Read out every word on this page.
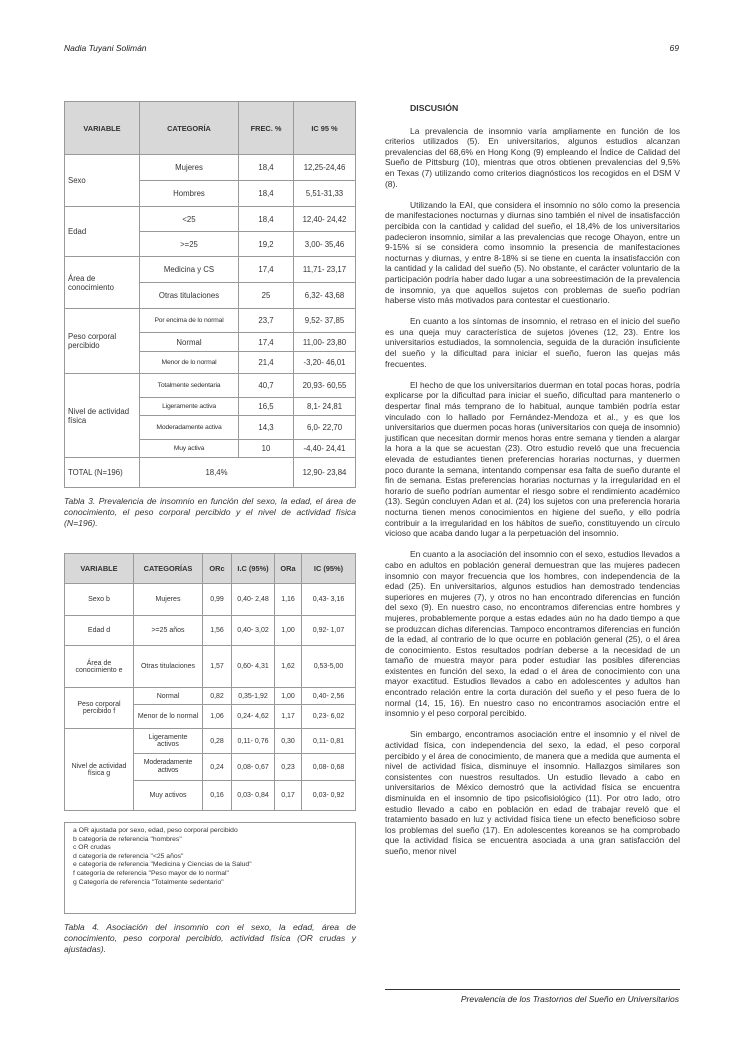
Nadia Tuyani Solimán	69
VARIABLE	CATEGORÍA	FREC. %	IC 95 %
Sexo	Mujeres	18,4	12,25-24,46
	Hombres	18,4	5,51-31,33
Edad	<25	18,4	12,40- 24,42
	>=25	19,2	3,00- 35,46
Área de conocimiento	Medicina y CS	17,4	11,71- 23,17
	Otras titulaciones	25	6,32- 43,68
Peso corporal percibido	Por encima de lo normal	23,7	9,52- 37,85
	Normal	17,4	11,00- 23,80
	Menor de lo normal	21,4	-3,20- 46,01
Nivel de actividad física	Totalmente sedentaria	40,7	20,93- 60,55
	Ligeramente activa	16,5	8,1- 24,81
	Moderadamente activa	14,3	6,0- 22,70
	Muy activa	10	-4,40- 24,41
TOTAL (N=196)	18,4%		12,90- 23,84
Tabla 3. Prevalencia de insomnio en función del sexo, la edad, el área de conocimiento, el peso corporal percibido y el nivel de actividad física (N=196).
VARIABLE	CATEGORÍAS	ORc	I.C (95%)	ORa	IC (95%)
Sexo b	Mujeres	0,99	0,40- 2,48	1,16	0,43- 3,16
Edad d	>=25 años	1,56	0,40- 3,02	1,00	0,92- 1,07
Área de conocimiento e	Otras titulaciones	1,57	0,60- 4,31	1,62	0,53-5,00
Peso corporal percibido f	Normal	0,82	0,35-1,92	1,00	0,40- 2,56
	Menor de lo normal	1,06	0,24- 4,62	1,17	0,23- 6,02
Nivel de actividad física g	Ligeramente activos	0,28	0,11- 0,76	0,30	0,11- 0,81
	Moderadamente activos	0,24	0,08- 0,67	0,23	0,08- 0,68
	Muy activos	0,16	0,03- 0,84	0,17	0,03- 0,92
a OR ajustada por sexo, edad, peso corporal percibido
b categoría de referencia "hombres"
c OR crudas
d categoría de referencia "<25 años"
e categoría de referencia "Medicina y Ciencias de la Salud"
f categoría de referencia "Peso mayor de lo normal"
g Categoría de referencia "Totalmente sedentario"
Tabla 4. Asociación del insomnio con el sexo, la edad, área de conocimiento, peso corporal percibido, actividad física (OR crudas y ajustadas).
DISCUSIÓN

La prevalencia de insomnio varía ampliamente en función de los criterios utilizados (5). En universitarios, algunos estudios alcanzan prevalencias del 68,6% en Hong Kong (9) empleando el Índice de Calidad del Sueño de Pittsburg (10), mientras que otros obtienen prevalencias del 9,5% en Texas (7) utilizando como criterios diagnósticos los recogidos en el DSM V (8).

Utilizando la EAI, que considera el insomnio no sólo como la presencia de manifestaciones nocturnas y diurnas sino también el nivel de insatisfacción percibida con la cantidad y calidad del sueño, el 18,4% de los universitarios padecieron insomnio, similar a las prevalencias que recoge Ohayon, entre un 9-15% si se considera como insomnio la presencia de manifestaciones nocturnas y diurnas, y entre 8-18% si se tiene en cuenta la insatisfacción con la cantidad y la calidad del sueño (5). No obstante, el carácter voluntario de la participación podría haber dado lugar a una sobreestimación de la prevalencia de insomnio, ya que aquellos sujetos con problemas de sueño podrían haberse visto más motivados para contestar el cuestionario.

En cuanto a los síntomas de insomnio, el retraso en el inicio del sueño es una queja muy característica de sujetos jóvenes (12, 23). Entre los universitarios estudiados, la somnolencia, seguida de la duración insuficiente del sueño y la dificultad para iniciar el sueño, fueron las quejas más frecuentes.

El hecho de que los universitarios duerman en total pocas horas, podría explicarse por la dificultad para iniciar el sueño, dificultad para mantenerlo o despertar final más temprano de lo habitual, aunque también podría estar vinculado con lo hallado por Fernández-Mendoza et al., y es que los universitarios que duermen pocas horas (universitarios con queja de insomnio) justifican que necesitan dormir menos horas entre semana y tienden a alargar la hora a la que se acuestan (23). Otro estudio reveló que una frecuencia elevada de estudiantes tienen preferencias horarias nocturnas, y duermen poco durante la semana, intentando compensar esa falta de sueño durante el fin de semana. Estas preferencias horarias nocturnas y la irregularidad en el horario de sueño podrían aumentar el riesgo sobre el rendimiento académico (13). Según concluyen Adan et al. (24) los sujetos con una preferencia horaria nocturna tienen menos conocimientos en higiene del sueño, y ello podría contribuir a la irregularidad en los hábitos de sueño, constituyendo un círculo vicioso que acaba dando lugar a la perpetuación del insomnio.

En cuanto a la asociación del insomnio con el sexo, estudios llevados a cabo en adultos en población general demuestran que las mujeres padecen insomnio con mayor frecuencia que los hombres, con independencia de la edad (25). En universitarios, algunos estudios han demostrado tendencias superiores en mujeres (7), y otros no han encontrado diferencias en función del sexo (9). En nuestro caso, no encontramos diferencias entre hombres y mujeres, probablemente porque a estas edades aún no ha dado tiempo a que se produzcan dichas diferencias. Tampoco encontramos diferencias en función de la edad, al contrario de lo que ocurre en población general (25), o el área de conocimiento. Estos resultados podrían deberse a la necesidad de un tamaño de muestra mayor para poder estudiar las posibles diferencias existentes en función del sexo, la edad o el área de conocimiento con una mayor exactitud. Estudios llevados a cabo en adolescentes y adultos han encontrado relación entre la corta duración del sueño y el peso fuera de lo normal (14, 15, 16). En nuestro caso no encontramos asociación entre el insomnio y el peso corporal percibido.

Sin embargo, encontramos asociación entre el insomnio y el nivel de actividad física, con independencia del sexo, la edad, el peso corporal percibido y el área de conocimiento, de manera que a medida que aumenta el nivel de actividad física, disminuye el insomnio. Hallazgos similares son consistentes con nuestros resultados. Un estudio llevado a cabo en universitarios de México demostró que la actividad física se encuentra disminuida en el insomnio de tipo psicofisiológico (11). Por otro lado, otro estudio llevado a cabo en población en edad de trabajar reveló que el tratamiento basado en luz y actividad física tiene un efecto beneficioso sobre los problemas del sueño (17). En adolescentes koreanos se ha comprobado que la actividad física se encuentra asociada a una gran satisfacción del sueño, menor nivel

Prevalencia de los Trastornos del Sueño en Universitarios
